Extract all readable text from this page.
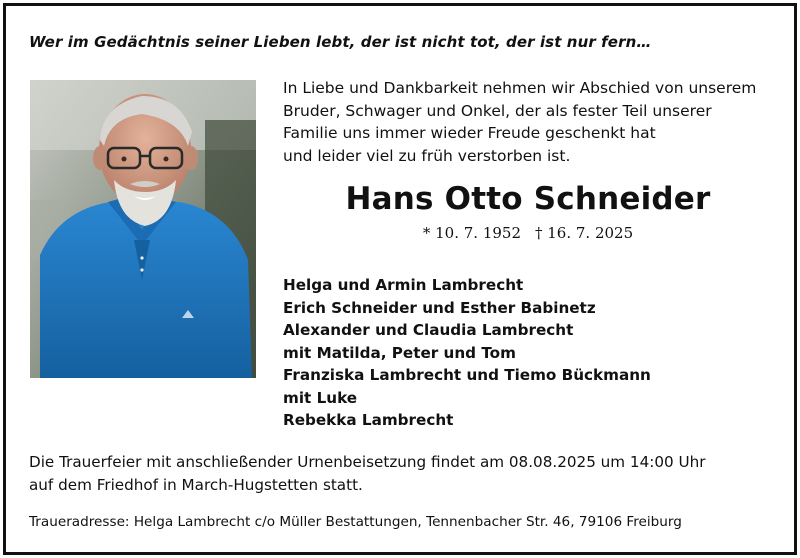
Wer im Gedächtnis seiner Lieben lebt, der ist nicht tot, der ist nur fern…
In Liebe und Dankbarkeit nehmen wir Abschied von unserem
Bruder, Schwager und Onkel, der als fester Teil unserer
Familie uns immer wieder Freude geschenkt hat
und leider viel zu früh verstorben ist.
Hans Otto Schneider
* 10. 7. 1952 † 16. 7. 2025
Helga und Armin Lambrecht
Erich Schneider und Esther Babinetz
Alexander und Claudia Lambrecht
mit Matilda, Peter und Tom
Franziska Lambrecht und Tiemo Bückmann
mit Luke
Rebekka Lambrecht
Die Trauerfeier mit anschließender Urnenbeisetzung findet am 08.08.2025 um 14:00 Uhr
auf dem Friedhof in March-Hugstetten statt.
Traueradresse: Helga Lambrecht c/o Müller Bestattungen, Tennenbacher Str. 46, 79106 Freiburg
